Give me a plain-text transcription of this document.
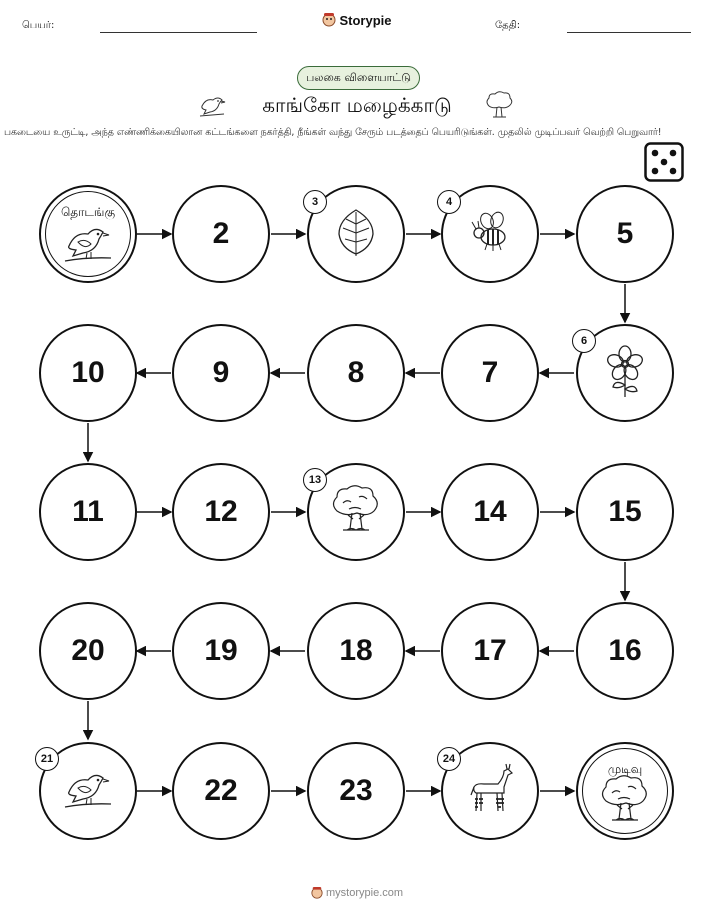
பெயர்:	Storypie	தேதி:
பலகை விளையாட்டு
காங்கோ மழைக்காடு
பகடையை உருட்டி, அந்த எண்ணிக்கையிலான கட்டங்களை நகர்த்தி, நீங்கள் வந்து சேரும் படத்தைப் பெயரிடுங்கள். முதலில் முடிப்பவர் வெற்றி பெறுவார்!
தொடங்கு
2
3	4
5
6
7
8
9
10
11	12
13
14	15
16
17
18
19
20
21
22	23
24
முடிவு
mystorypie.com
